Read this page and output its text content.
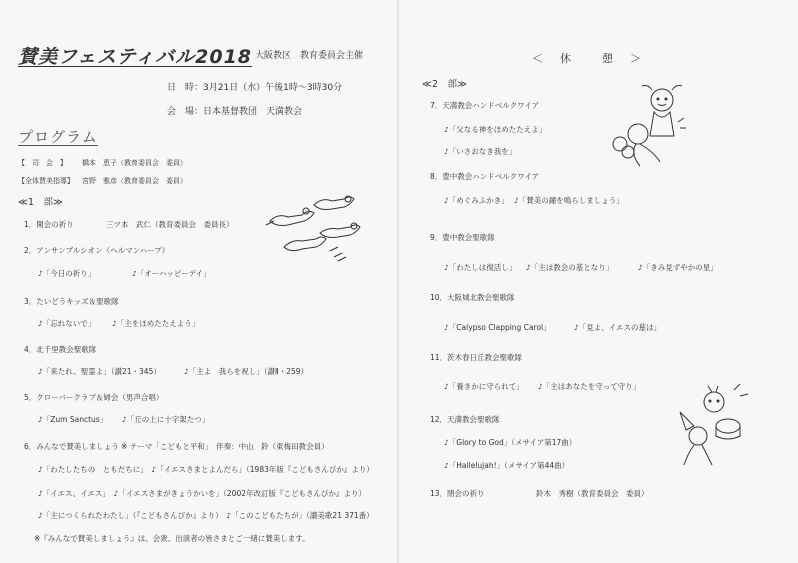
賛美フェスティバル2018 大阪教区　教育委員会主催
日　時：3月21日（水）午後1時～3時30分
会　場：日本基督教団　天満教会
プログラム
【　司　会　】 橋本　恵子（教育委員会　委員）
【全体賛美指導】 宮野　雅彦（教育委員会　委員）
≪1　部≫
1．開会の祈り	三ツ本　武仁（教育委員会　委員長）
2．アンサンブルシオン（ヘルマンハープ）
♪「今日の祈り」	♪「オーハッピーデイ」
3．たいどうキッズ＆聖歌隊
♪「忘れないで」 ♪「主をほめたたえよう」
4．北千里教会聖歌隊
♪「来たれ、聖霊よ」（讃21・345）	♪「主よ　我らを祝し」（讃Ⅱ・259）
5．クローバークラブ＆婦会（男声合唱）
♪「Zum Sanctus」 ♪「丘の上に十字架たつ」
6．みんなで賛美しましょう ※ テーマ「こどもと平和」　伴奏：中山　鈴（東梅田教会員）
♪「わたしたちの　ともだちに」　♪「イエスさまとよんだら」（1983年版『こどもさんびか』より）
♪「イエス、イエス」　♪「イエスさまがきょうかいを」（2002年改訂版『こどもさんびか』より）
♪「主につくられたわたし」（『こどもさんびか』より）　♪「このこどもたちが」（讃美歌21 371番）
※『みんなで賛美しましょう』は、会衆、出演者の皆さまとご一緒に賛美します。
＜　休　　憩　＞
≪2　部≫
7．天満教会ハンドベルクワイア
♪「父なる神をほめたたえよ」
♪「いさおなき我を」
8．豊中教会ハンドベルクワイア
♪「めぐみふかき」 ♪「賛美の鐘を鳴らしましょう」
9．豊中教会聖歌隊
♪「わたしは復活し」 ♪「主は教会の基となり」	♪「きみ見ずやかの星」
10．大阪城北教会聖歌隊
♪「Calypso Clapping Carol」	♪「見よ、イエスの墓は」
11．茨木春日丘教会聖歌隊
♪「養きかに守られて」 ♪「主はあなたを守って守り」
12．天満教会聖歌隊
♪「Glory to God」（メサイア第17曲）
♪「Hallelujah!」（メサイア第44曲）
13．閉会の祈り	鈴木　秀樹（教育委員会　委員）
